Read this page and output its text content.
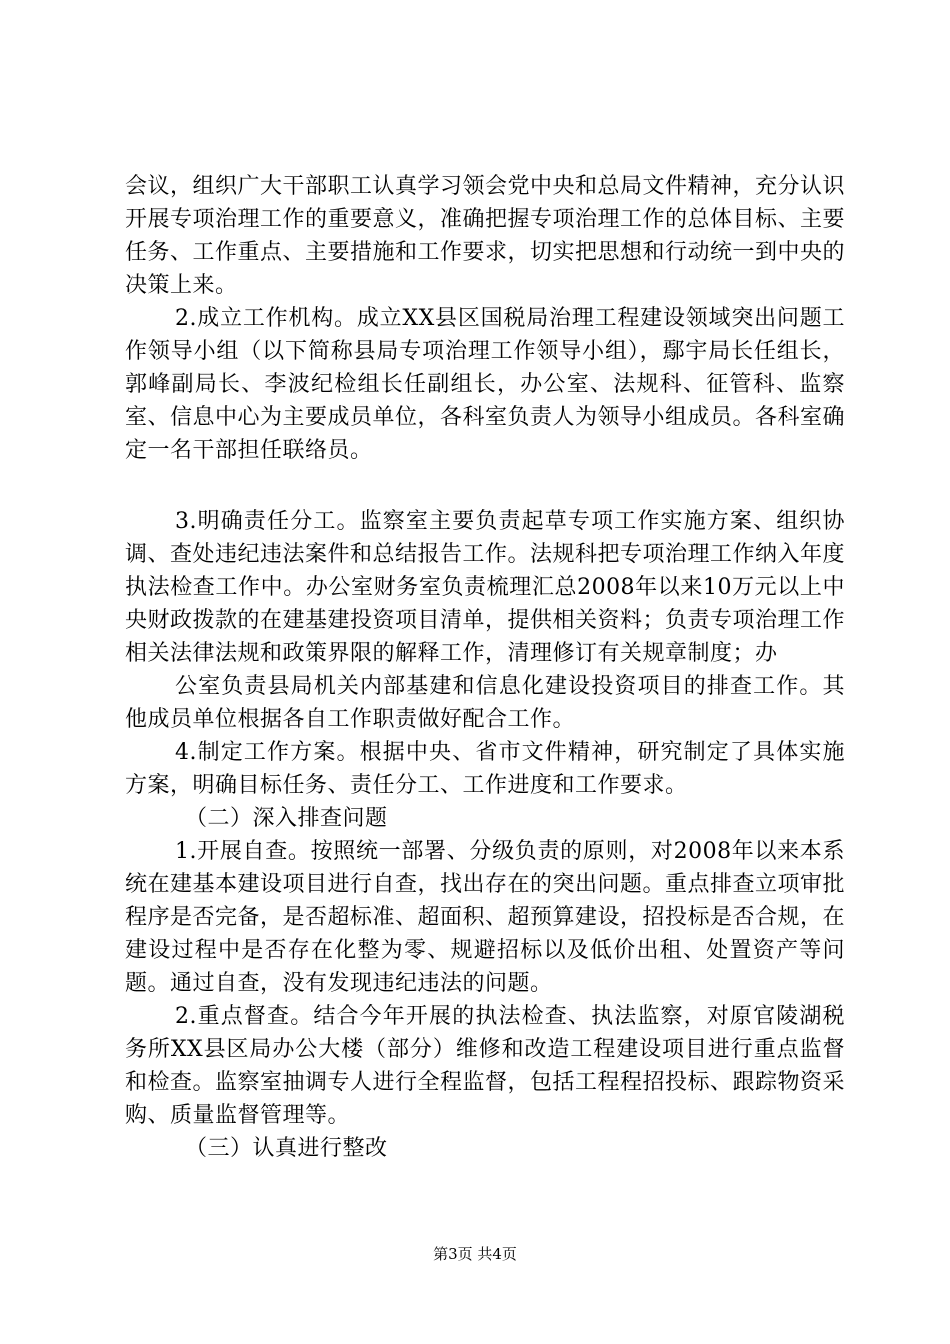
会议，组织广大干部职工认真学习领会党中央和总局文件精神，充分认识开展专项治理工作的重要意义，准确把握专项治理工作的总体目标、主要任务、工作重点、主要措施和工作要求，切实把思想和行动统一到中央的决策上来。

2.成立工作机构。成立XX县区国税局治理工程建设领域突出问题工作领导小组（以下简称县局专项治理工作领导小组），鄢宇局长任组长，郭峰副局长、李波纪检组长任副组长，办公室、法规科、征管科、监察室、信息中心为主要成员单位，各科室负责人为领导小组成员。各科室确定一名干部担任联络员。

3.明确责任分工。监察室主要负责起草专项工作实施方案、组织协调、查处违纪违法案件和总结报告工作。法规科把专项治理工作纳入年度执法检查工作中。办公室财务室负责梳理汇总2008年以来10万元以上中央财政拨款的在建基建投资项目清单，提供相关资料；负责专项治理工作相关法律法规和政策界限的解释工作，清理修订有关规章制度；办

公室负责县局机关内部基建和信息化建设投资项目的排查工作。其他成员单位根据各自工作职责做好配合工作。

4.制定工作方案。根据中央、省市文件精神，研究制定了具体实施方案，明确目标任务、责任分工、工作进度和工作要求。

（二）深入排查问题

1.开展自查。按照统一部署、分级负责的原则，对2008年以来本系统在建基本建设项目进行自查，找出存在的突出问题。重点排查立项审批程序是否完备，是否超标准、超面积、超预算建设，招投标是否合规，在建设过程中是否存在化整为零、规避招标以及低价出租、处置资产等问题。通过自查，没有发现违纪违法的问题。

2.重点督查。结合今年开展的执法检查、执法监察，对原官陵湖税务所XX县区局办公大楼（部分）维修和改造工程建设项目进行重点监督和检查。监察室抽调专人进行全程监督，包括工程程招投标、跟踪物资采购、质量监督管理等。

（三）认真进行整改

第3页 共4页
